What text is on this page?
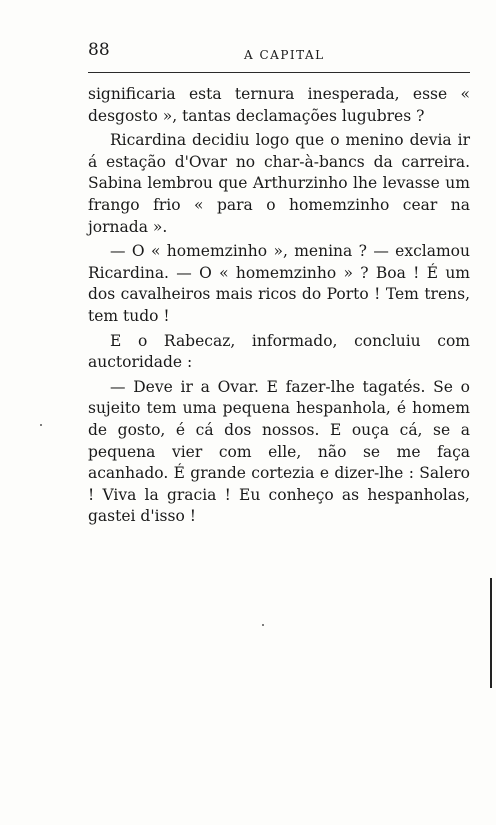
88	A CAPITAL

significaria esta ternura inesperada, esse « desgosto », tantas declamações lugubres ?

Ricardina decidiu logo que o menino devia ir á estação d'Ovar no char-à-bancs da carreira. Sabina lembrou que Arthurzinho lhe levasse um frango frio « para o homemzinho cear na jornada ».

— O « homemzinho », menina ? — exclamou Ricardina. — O « homemzinho » ? Boa ! É um dos cavalheiros mais ricos do Porto ! Tem trens, tem tudo !

E o Rabecaz, informado, concluiu com auctoridade :

— Deve ir a Ovar. E fazer-lhe tagatés. Se o sujeito tem uma pequena hespanhola, é homem de gosto, é cá dos nossos. E ouça cá, se a pequena vier com elle, não se me faça acanhado. É grande cortezia e dizer-lhe : Salero ! Viva la gracia ! Eu conheço as hespanholas, gastei d'isso !
